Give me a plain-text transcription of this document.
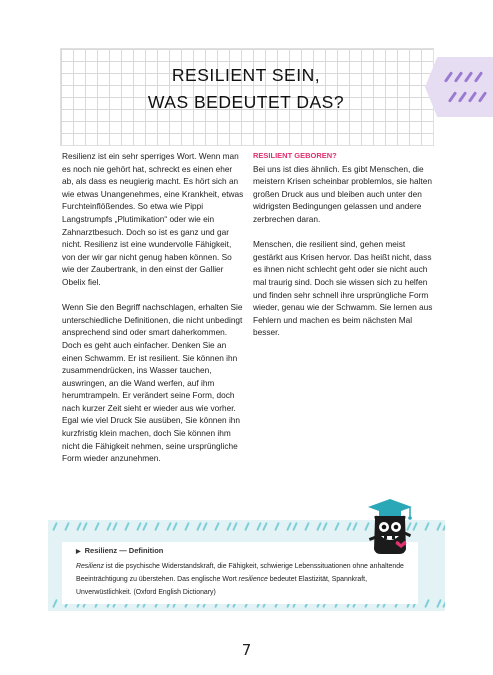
RESILIENT SEIN,
WAS BEDEUTET DAS?

Resilienz ist ein sehr sperriges Wort. Wenn man es noch nie gehört hat, schreckt es einen eher ab, als dass es neugierig macht. Es hört sich an wie etwas Unangenehmes, eine Krankheit, etwas Furchteinflößendes. So etwa wie Pippi Langstrumpfs „Plutimikation“ oder wie ein Zahnarztbesuch. Doch so ist es ganz und gar nicht. Resilienz ist eine wundervolle Fähigkeit, von der wir gar nicht genug haben können. So wie der Zaubertrank, in den einst der Gallier Obelix fiel.

Wenn Sie den Begriff nachschlagen, erhalten Sie unterschiedliche Definitionen, die nicht unbedingt ansprechend sind oder smart daherkommen. Doch es geht auch einfacher. Denken Sie an einen Schwamm. Er ist resilient. Sie können ihn zusammendrücken, ins Wasser tauchen, auswringen, an die Wand werfen, auf ihm herumtrampeln. Er verändert seine Form, doch nach kurzer Zeit sieht er wieder aus wie vorher. Egal wie viel Druck Sie ausüben, Sie können ihn kurzfristig klein machen, doch Sie können ihm nicht die Fähigkeit nehmen, seine ursprüngliche Form wieder anzunehmen.

RESILIENT GEBOREN?

Bei uns ist dies ähnlich. Es gibt Menschen, die meistern Krisen scheinbar problemlos, sie halten großen Druck aus und bleiben auch unter den widrigsten Bedingungen gelassen und andere zerbrechen daran.

Menschen, die resilient sind, gehen meist gestärkt aus Krisen hervor. Das heißt nicht, dass es ihnen nicht schlecht geht oder sie nicht auch mal traurig sind. Doch sie wissen sich zu helfen und finden sehr schnell ihre ursprüngliche Form wieder, genau wie der Schwamm. Sie lernen aus Fehlern und machen es beim nächsten Mal besser.

▶ Resilienz — Definition
Resilienz ist die psychische Widerstandskraft, die Fähigkeit, schwierige Lebenssituationen ohne anhaltende Beeinträchtigung zu überstehen. Das englische Wort resilience bedeutet Elastizität, Spannkraft, Unverwüstlichkeit. (Oxford English Dictionary)
7
